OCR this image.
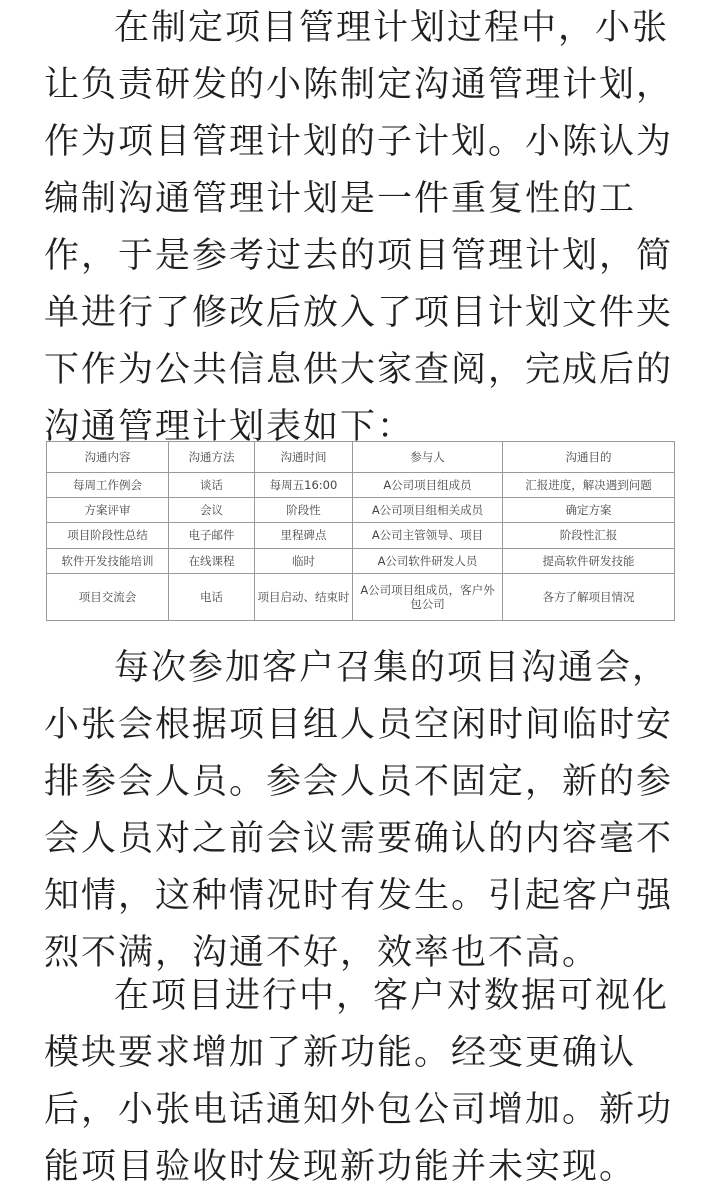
在制定项目管理计划过程中，小张让负责研发的小陈制定沟通管理计划，作为项目管理计划的子计划。小陈认为编制沟通管理计划是一件重复性的工作，于是参考过去的项目管理计划，简单进行了修改后放入了项目计划文件夹下作为公共信息供大家查阅，完成后的沟通管理计划表如下：

沟通内容	沟通方法	沟通时间	参与人	沟通目的
每周工作例会	谈话	每周五16:00	A公司项目组成员	汇报进度，解决遇到问题
方案评审	会议	阶段性	A公司项目组相关成员	确定方案
项目阶段性总结	电子邮件	里程碑点	A公司主管领导、项目	阶段性汇报
软件开发技能培训	在线课程	临时	A公司软件研发人员	提高软件研发技能
项目交流会	电话	项目启动、结束时	A公司项目组成员，客户外包公司	各方了解项目情况

每次参加客户召集的项目沟通会，小张会根据项目组人员空闲时间临时安排参会人员。参会人员不固定，新的参会人员对之前会议需要确认的内容毫不知情，这种情况时有发生。引起客户强烈不满，沟通不好，效率也不高。

在项目进行中，客户对数据可视化模块要求增加了新功能。经变更确认后，小张电话通知外包公司增加。新功能项目验收时发现新功能并未实现。
